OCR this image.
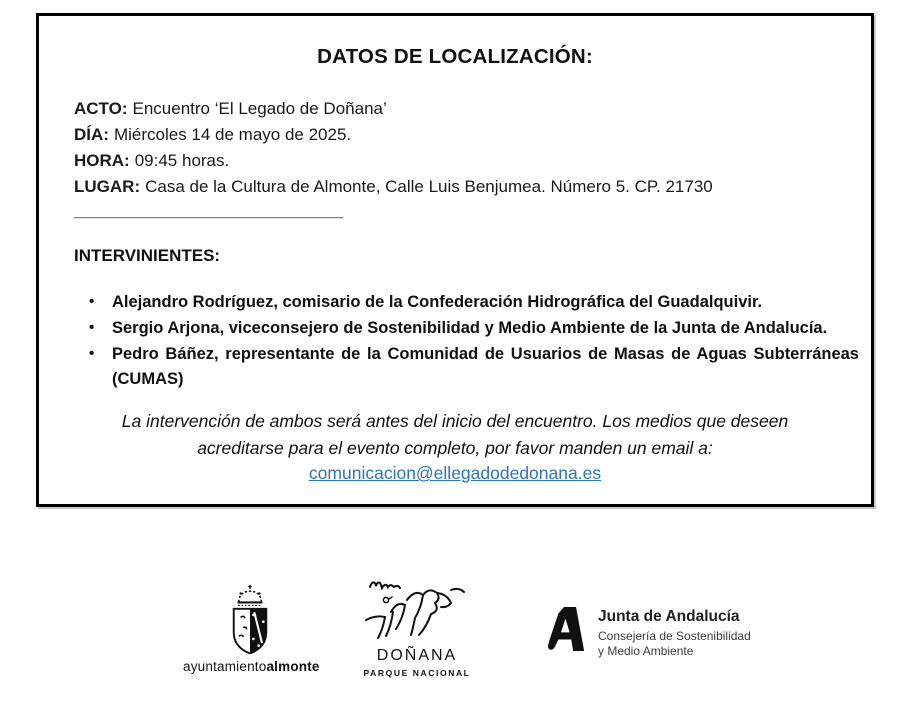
DATOS DE LOCALIZACIÓN:

ACTO: Encuentro ‘El Legado de Doñana’

DÍA: Miércoles 14 de mayo de 2025.

HORA: 09:45 horas.

LUGAR: Casa de la Cultura de Almonte, Calle Luis Benjumea. Número 5. CP. 21730

______________________________
INTERVINIENTES:
• Alejandro Rodríguez, comisario de la Confederación Hidrográfica del Guadalquivir.
• Sergio Arjona, viceconsejero de Sostenibilidad y Medio Ambiente de la Junta de Andalucía.
• Pedro Báñez, representante de la Comunidad de Usuarios de Masas de Aguas Subterráneas (CUMAS)
La intervención de ambos será antes del inicio del encuentro. Los medios que deseen
acreditarse para el evento completo, por favor manden un email a:
comunicacion@ellegadodedonana.es
ayuntamientoalmonte
DOÑANA
PARQUE NACIONAL
Junta de Andalucía
Consejería de Sostenibilidad
y Medio Ambiente
